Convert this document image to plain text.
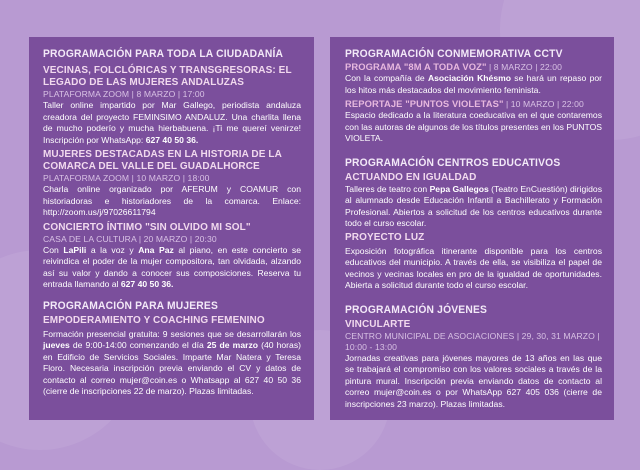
PROGRAMACIÓN PARA TODA LA CIUDADANÍA
VECINAS, FOLCLÓRICAS Y TRANSGRESORAS: EL LEGADO DE LAS MUJERES ANDALUZAS
PLATAFORMA ZOOM | 8 MARZO | 17:00
Taller online impartido por Mar Gallego, periodista andaluza creadora del proyecto FEMINSIMO ANDALUZ. Una charlita llena de mucho poderío y mucha hierbabuena. ¡Ti me quereí venirze! Inscripción por WhatsApp: 627 40 50 36.
MUJERES DESTACADAS EN LA HISTORIA DE LA COMARCA DEL VALLE DEL GUADALHORCE
PLATAFORMA ZOOM | 10 MARZO | 18:00
Charla online organizado por AFERUM y COAMUR con historiadoras e historiadores de la comarca. Enlace: http://zoom.us/j/97026611794
CONCIERTO ÍNTIMO "SIN OLVIDO MI SOL"
CASA DE LA CULTURA | 20 MARZO | 20:30
Con LaPili a la voz y Ana Paz al piano, en este concierto se reivindica el poder de la mujer compositora, tan olvidada, alzando así su valor y dando a conocer sus composiciones. Reserva tu entrada llamando al 627 40 50 36.
PROGRAMACIÓN PARA MUJERES
EMPODERAMIENTO Y COACHING FEMENINO
Formación presencial gratuita: 9 sesiones que se desarrollarán los jueves de 9:00-14:00 comenzando el día 25 de marzo (40 horas) en Edificio de Servicios Sociales. Imparte Mar Natera y Teresa Floro. Necesaria inscripción previa enviando el CV y datos de contacto al correo mujer@coin.es o Whatsapp al 627 40 50 36 (cierre de inscripciones 22 de marzo). Plazas limitadas.
PROGRAMACIÓN CONMEMORATIVA CCTV
PROGRAMA "8M A TODA VOZ" | 8 MARZO | 22:00
Con la compañía de Asociación Khésmo se hará un repaso por los hitos más destacados del movimiento feminista.
REPORTAJE "PUNTOS VIOLETAS" | 10 MARZO | 22:00
Espacio dedicado a la literatura coeducativa en el que contaremos con las autoras de algunos de los títulos presentes en los PUNTOS VIOLETA.
PROGRAMACIÓN CENTROS EDUCATIVOS
ACTUANDO EN IGUALDAD
Talleres de teatro con Pepa Gallegos (Teatro EnCuestión) dirigidos al alumnado desde Educación Infantil a Bachillerato y Formación Profesional. Abiertos a solicitud de los centros educativos durante todo el curso escolar.
PROYECTO LUZ
Exposición fotográfica itinerante disponible para los centros educativos del municipio. A través de ella, se visibiliza el papel de vecinos y vecinas locales en pro de la igualdad de oportunidades. Abierta a solicitud durante todo el curso escolar.
PROGRAMACIÓN JÓVENES
VINCULARTE
CENTRO MUNICIPAL DE ASOCIACIONES | 29, 30, 31 MARZO | 10:00 - 13:00
Jornadas creativas para jóvenes mayores de 13 años en las que se trabajará el compromiso con los valores sociales a través de la pintura mural. Inscripción previa enviando datos de contacto al correo mujer@coin.es o por WhatsApp 627 405 036 (cierre de inscripciones 23 marzo). Plazas limitadas.
